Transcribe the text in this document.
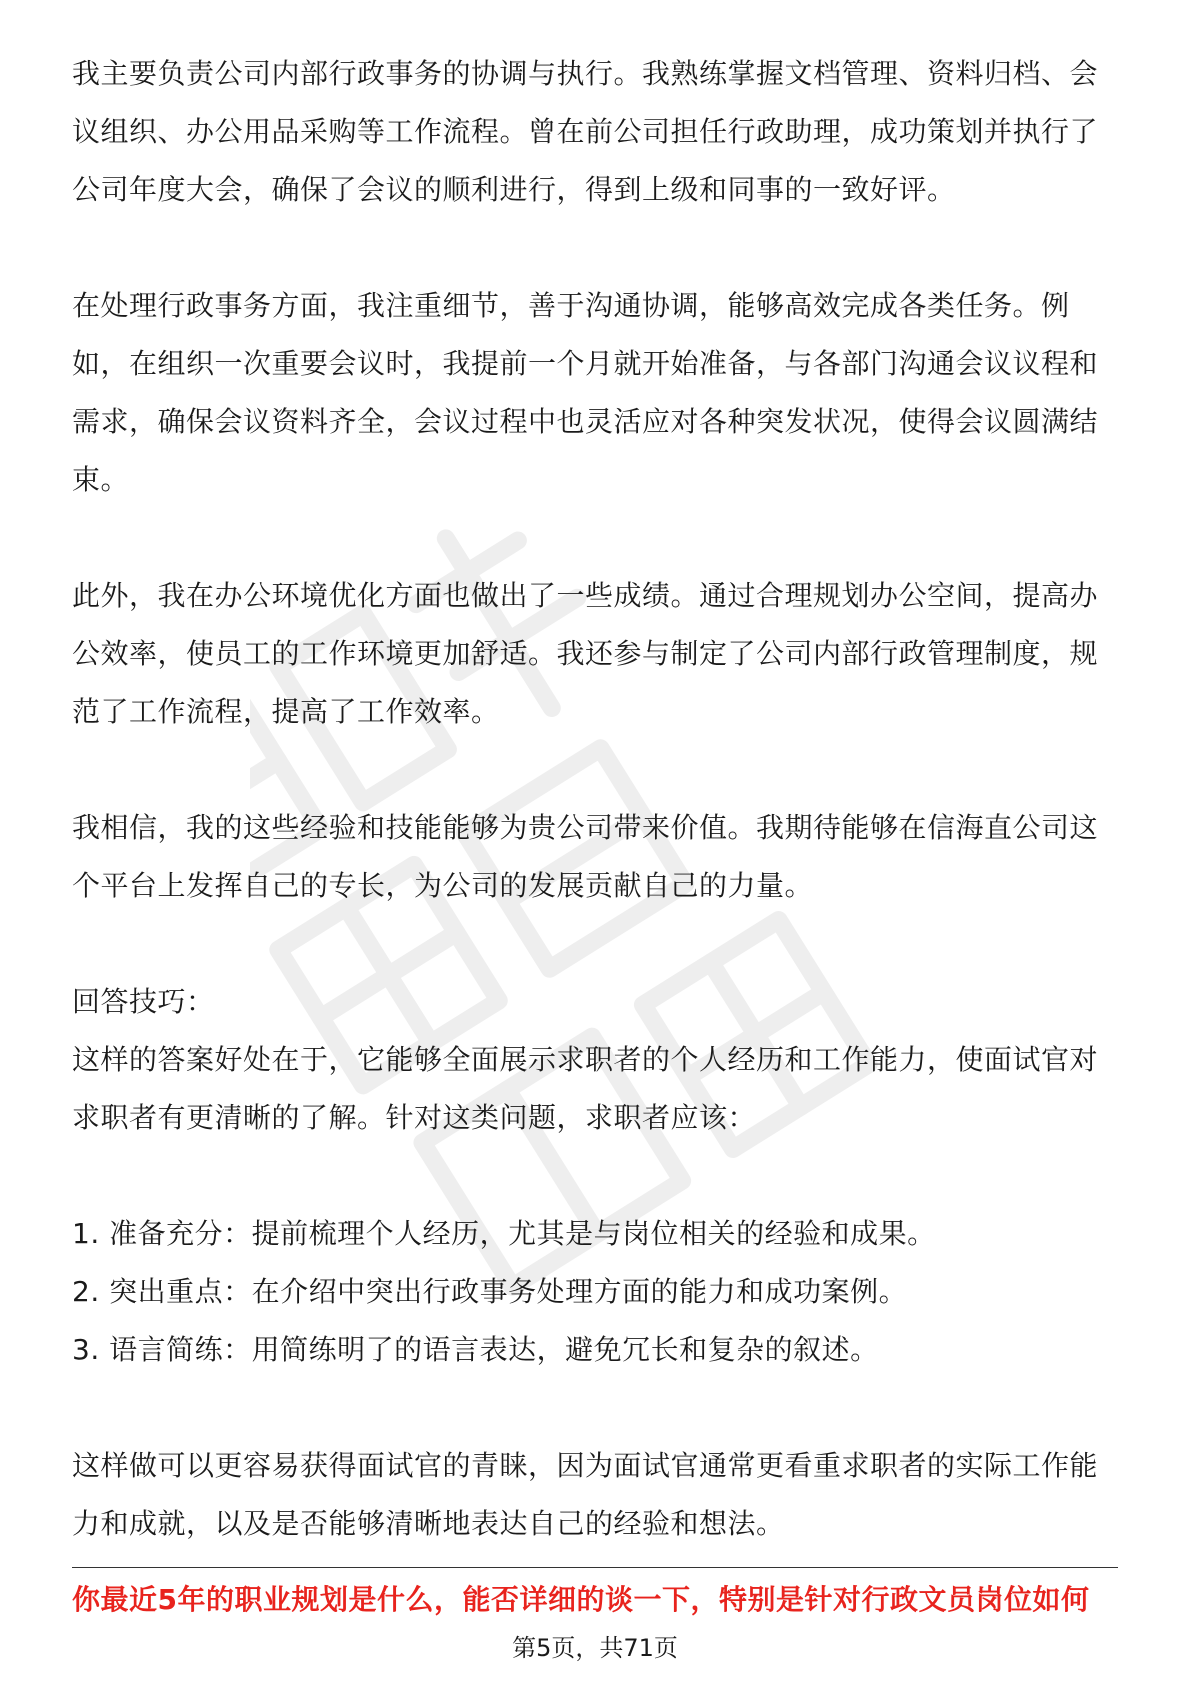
我主要负责公司内部行政事务的协调与执行。我熟练掌握文档管理、资料归档、会议组织、办公用品采购等工作流程。曾在前公司担任行政助理，成功策划并执行了公司年度大会，确保了会议的顺利进行，得到上级和同事的一致好评。

在处理行政事务方面，我注重细节，善于沟通协调，能够高效完成各类任务。例如，在组织一次重要会议时，我提前一个月就开始准备，与各部门沟通会议议程和需求，确保会议资料齐全，会议过程中也灵活应对各种突发状况，使得会议圆满结束。

此外，我在办公环境优化方面也做出了一些成绩。通过合理规划办公空间，提高办公效率，使员工的工作环境更加舒适。我还参与制定了公司内部行政管理制度，规范了工作流程，提高了工作效率。

我相信，我的这些经验和技能能够为贵公司带来价值。我期待能够在信海直公司这个平台上发挥自己的专长，为公司的发展贡献自己的力量。

回答技巧：

这样的答案好处在于，它能够全面展示求职者的个人经历和工作能力，使面试官对求职者有更清晰的了解。针对这类问题，求职者应该：

1. 准备充分：提前梳理个人经历，尤其是与岗位相关的经验和成果。

2. 突出重点：在介绍中突出行政事务处理方面的能力和成功案例。

3. 语言简练：用简练明了的语言表达，避免冗长和复杂的叙述。

这样做可以更容易获得面试官的青睐，因为面试官通常更看重求职者的实际工作能力和成就，以及是否能够清晰地表达自己的经验和想法。

你最近5年的职业规划是什么，能否详细的谈一下，特别是针对行政文员岗位如何
第5页，共71页
